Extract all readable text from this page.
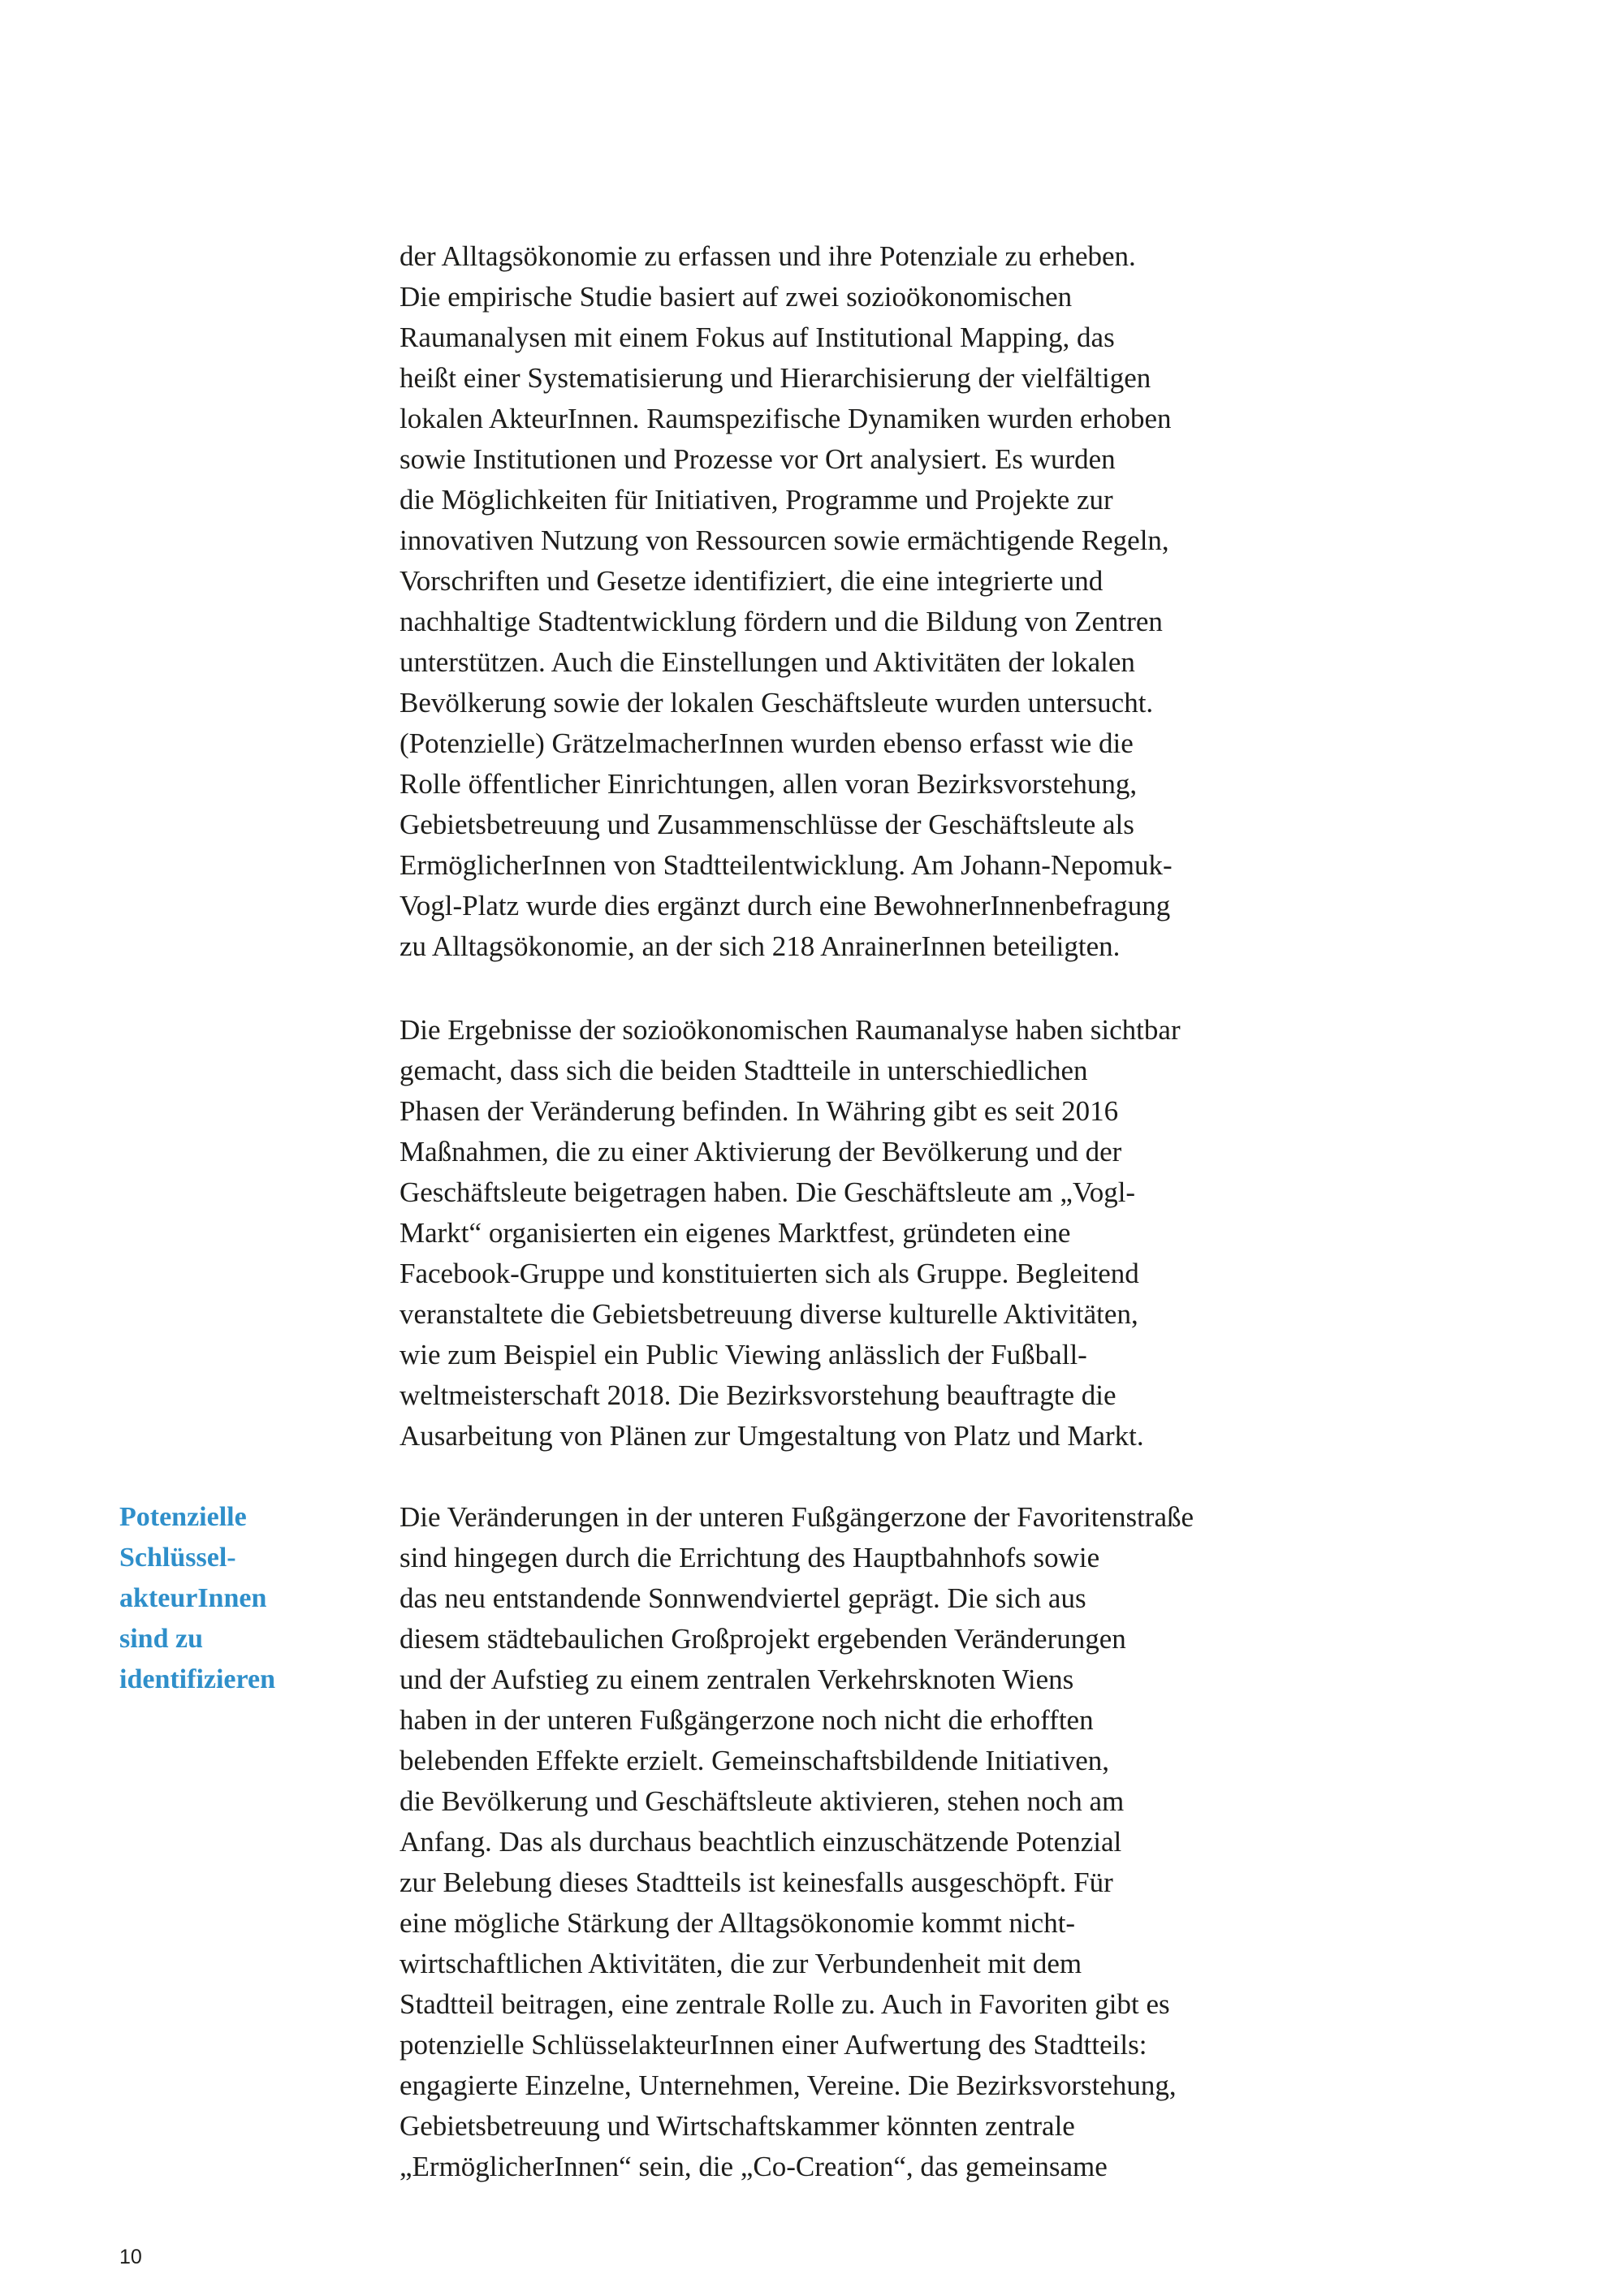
der Alltagsökonomie zu erfassen und ihre Potenziale zu erheben.

Die empirische Studie basiert auf zwei sozioökonomischen

Raumanalysen mit einem Fokus auf Institutional Mapping, das

heißt einer Systematisierung und Hierarchisierung der vielfältigen

lokalen AkteurInnen. Raumspezifische Dynamiken wurden erhoben

sowie Institutionen und Prozesse vor Ort analysiert. Es wurden

die Möglichkeiten für Initiativen, Programme und Projekte zur

innovativen Nutzung von Ressourcen sowie ermächtigende Regeln,

Vorschriften und Gesetze identifiziert, die eine integrierte und

nachhaltige Stadtentwicklung fördern und die Bildung von Zentren

unterstützen. Auch die Einstellungen und Aktivitäten der lokalen

Bevölkerung sowie der lokalen Geschäftsleute wurden untersucht.

(Potenzielle) GrätzelmacherInnen wurden ebenso erfasst wie die

Rolle öffentlicher Einrichtungen, allen voran Bezirksvorstehung,

Gebietsbetreuung und Zusammenschlüsse der Geschäftsleute als

ErmöglicherInnen von Stadtteilentwicklung. Am Johann-Nepomuk-

Vogl-Platz wurde dies ergänzt durch eine BewohnerInnenbefragung

zu Alltagsökonomie, an der sich 218 AnrainerInnen beteiligten.

Die Ergebnisse der sozioökonomischen Raumanalyse haben sichtbar

gemacht, dass sich die beiden Stadtteile in unterschiedlichen

Phasen der Veränderung befinden. In Währing gibt es seit 2016

Maßnahmen, die zu einer Aktivierung der Bevölkerung und der

Geschäftsleute beigetragen haben. Die Geschäftsleute am „Vogl-

Markt“ organisierten ein eigenes Marktfest, gründeten eine

Facebook-Gruppe und konstituierten sich als Gruppe. Begleitend

veranstaltete die Gebietsbetreuung diverse kulturelle Aktivitäten,

wie zum Beispiel ein Public Viewing anlässlich der Fußball-

weltmeisterschaft 2018. Die Bezirksvorstehung beauftragte die

Ausarbeitung von Plänen zur Umgestaltung von Platz und Markt.

Die Veränderungen in der unteren Fußgängerzone der Favoritenstraße

sind hingegen durch die Errichtung des Hauptbahnhofs sowie

das neu entstandende Sonnwendviertel geprägt. Die sich aus

diesem städtebaulichen Großprojekt ergebenden Veränderungen

und der Aufstieg zu einem zentralen Verkehrsknoten Wiens

haben in der unteren Fußgängerzone noch nicht die erhofften

belebenden Effekte erzielt. Gemeinschaftsbildende Initiativen,

die Bevölkerung und Geschäftsleute aktivieren, stehen noch am

Anfang. Das als durchaus beachtlich einzuschätzende Potenzial

zur Belebung dieses Stadtteils ist keinesfalls ausgeschöpft. Für

eine mögliche Stärkung der Alltagsökonomie kommt nicht-

wirtschaftlichen Aktivitäten, die zur Verbundenheit mit dem

Stadtteil beitragen, eine zentrale Rolle zu. Auch in Favoriten gibt es

potenzielle SchlüsselakteurInnen einer Aufwertung des Stadtteils:

engagierte Einzelne, Unternehmen, Vereine. Die Bezirksvorstehung,

Gebietsbetreuung und Wirtschaftskammer könnten zentrale

„ErmöglicherInnen“ sein, die „Co-Creation“, das gemeinsame

Potenzielle
Schlüssel-
akteurInnen
sind zu
identifizieren
10
